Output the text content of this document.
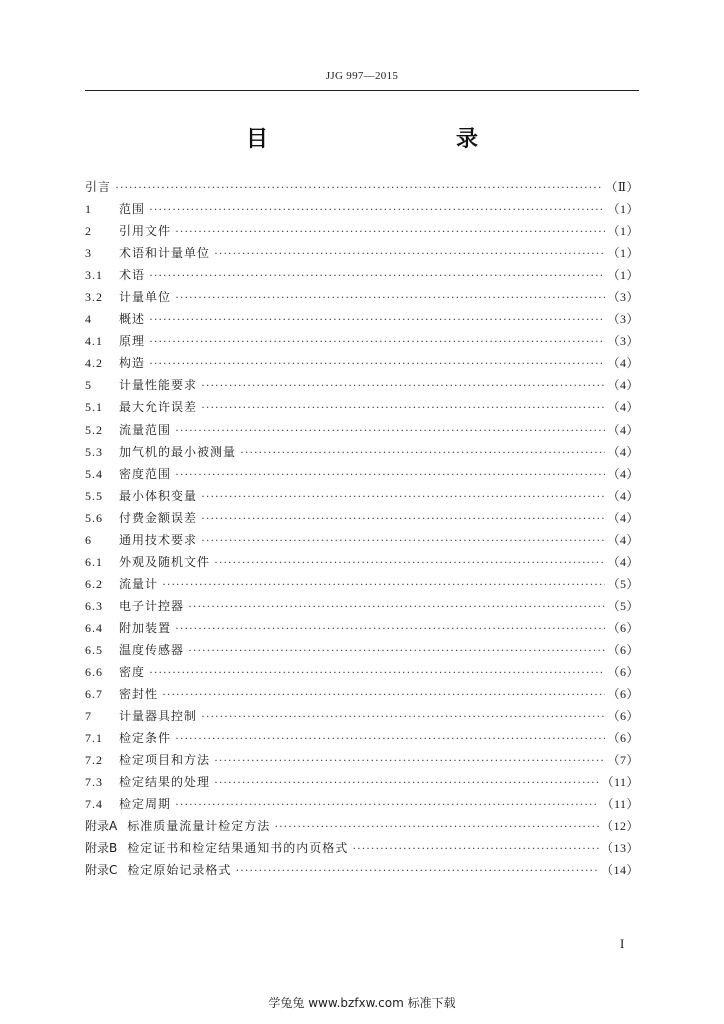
JJG 997—2015
目　　录
引言 ·····	（Ⅱ）
1	范围 ·····	（1）
2	引用文件 ·····	（1）
3	术语和计量单位 ·····	（1）
3.1	术语 ·····	（1）
3.2	计量单位 ·····	（3）
4	概述 ·····	（3）
4.1	原理 ·····	（3）
4.2	构造 ·····	（4）
5	计量性能要求 ·····	（4）
5.1	最大允许误差 ·····	（4）
5.2	流量范围 ·····	（4）
5.3	加气机的最小被测量 ·····	（4）
5.4	密度范围 ·····	（4）
5.5	最小体积变量 ·····	（4）
5.6	付费金额误差 ·····	（4）
6	通用技术要求 ·····	（4）
6.1	外观及随机文件 ·····	（4）
6.2	流量计 ·····	（5）
6.3	电子计控器 ·····	（5）
6.4	附加装置 ·····	（6）
6.5	温度传感器 ·····	（6）
6.6	密度 ·····	（6）
6.7	密封性 ·····	（6）
7	计量器具控制 ·····	（6）
7.1	检定条件 ·····	（6）
7.2	检定项目和方法 ·····	（7）
7.3	检定结果的处理 ·····	（11）
7.4	检定周期 ·····	（11）
附录A 标准质量流量计检定方法 ·····	（12）
附录B 检定证书和检定结果通知书的内页格式 ·····	（13）
附录C 检定原始记录格式 ·····	（14）
I
学兔兔 www.bzfxw.com 标准下载
